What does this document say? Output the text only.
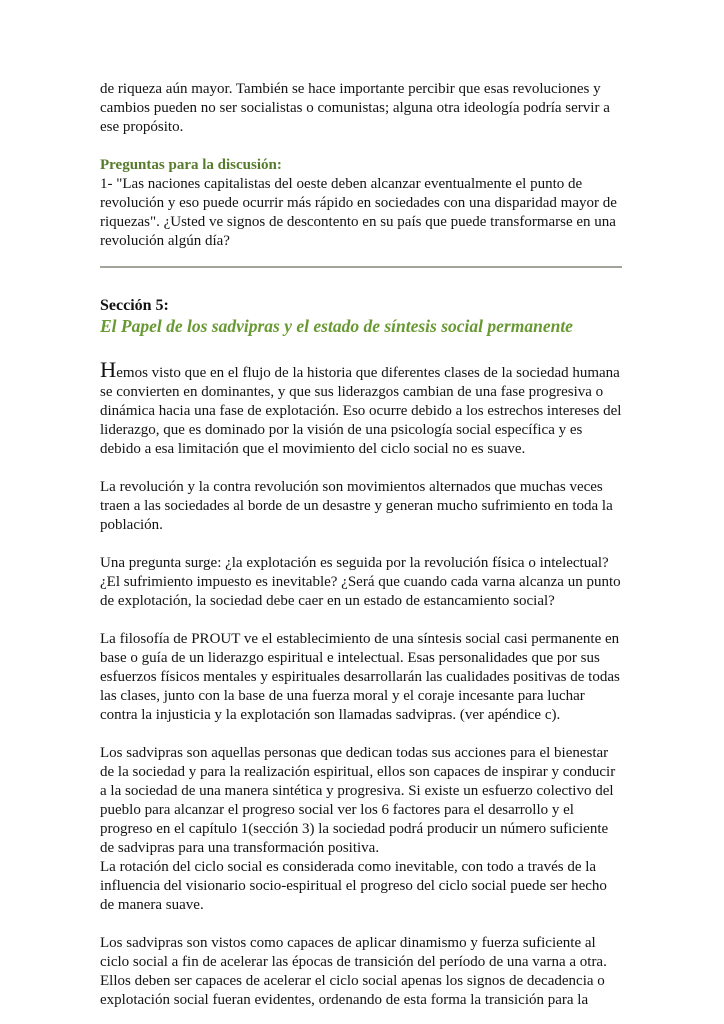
de riqueza aún mayor. También se hace importante percibir que esas revoluciones y cambios pueden no ser socialistas o comunistas; alguna otra ideología podría servir a ese propósito.

Preguntas para la discusión:

1- "Las naciones capitalistas del oeste deben alcanzar eventualmente el punto de revolución y eso puede ocurrir más rápido en sociedades con una disparidad mayor de riquezas". ¿Usted ve signos de descontento en su país que puede transformarse en una revolución algún día?

Sección 5:

El Papel de los sadvipras y el estado de síntesis social permanente

Hemos visto que en el flujo de la historia que diferentes clases de la sociedad humana se convierten en dominantes, y que sus liderazgos cambian de una fase progresiva o dinámica hacia una fase de explotación. Eso ocurre debido a los estrechos intereses del liderazgo, que es dominado por la visión de una psicología social específica y es debido a esa limitación que el movimiento del ciclo social no es suave.

La revolución y la contra revolución son movimientos alternados que muchas veces traen a las sociedades al borde de un desastre y generan mucho sufrimiento en toda la población.

Una pregunta surge: ¿la explotación es seguida por la revolución física o intelectual? ¿El sufrimiento impuesto es inevitable? ¿Será que cuando cada varna alcanza un punto de explotación, la sociedad debe caer en un estado de estancamiento social?

La filosofía de PROUT ve el establecimiento de una síntesis social casi permanente en base o guía de un liderazgo espiritual e intelectual. Esas personalidades que por sus esfuerzos físicos mentales y espirituales desarrollarán las cualidades positivas de todas las clases, junto con la base de una fuerza moral y el coraje incesante para luchar contra la injusticia y la explotación son llamadas sadvipras. (ver apéndice c).

Los sadvipras son aquellas personas que dedican todas sus acciones para el bienestar de la sociedad y para la realización espiritual, ellos son capaces de inspirar y conducir a la sociedad de una manera sintética y progresiva. Si existe un esfuerzo colectivo del pueblo para alcanzar el progreso social ver los 6 factores para el desarrollo y el progreso en el capítulo 1(sección 3) la sociedad podrá producir un número suficiente de sadvipras para una transformación positiva.

La rotación del ciclo social es considerada como inevitable, con todo a través de la influencia del visionario socio-espiritual el progreso del ciclo social puede ser hecho de manera suave.

Los sadvipras son vistos como capaces de aplicar dinamismo y fuerza suficiente al ciclo social a fin de acelerar las épocas de transición del período de una varna a otra. Ellos deben ser capaces de acelerar el ciclo social apenas los signos de decadencia o explotación social fueran evidentes, ordenando de esta forma la transición para la
